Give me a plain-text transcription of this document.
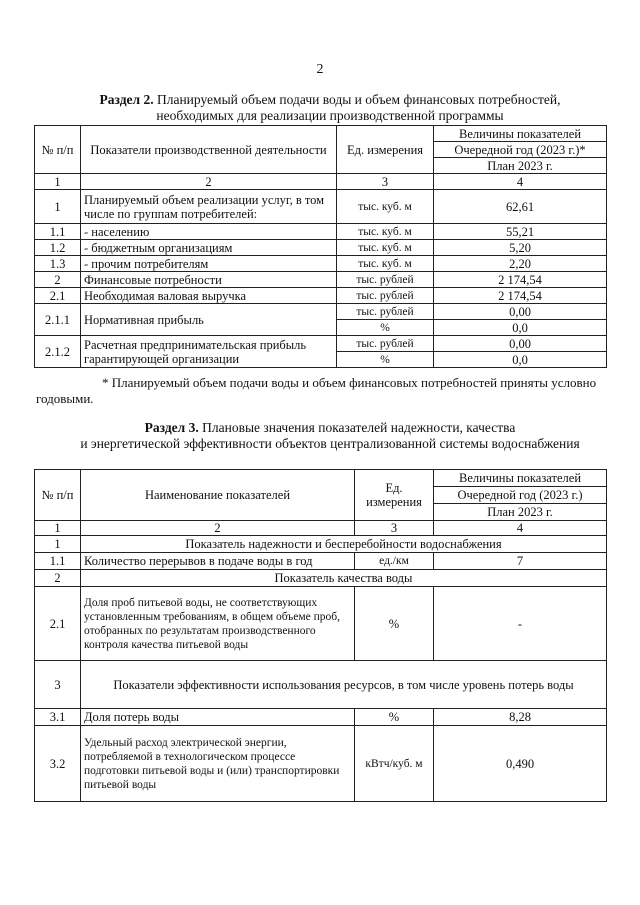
2
Раздел 2. Планируемый объем подачи воды и объем финансовых потребностей,
необходимых для реализации производственной программы
№ п/п	Показатели производственной деятельности	Ед. измерения	Величины показателей
			Очередной год (2023 г.)*
			План 2023 г.
1	2	3	4
1	Планируемый объем реализации услуг, в том числе по группам потребителей:	тыс. куб. м	62,61
1.1	- населению	тыс. куб. м	55,21
1.2	- бюджетным организациям	тыс. куб. м	5,20
1.3	- прочим потребителям	тыс. куб. м	2,20
2	Финансовые потребности	тыс. рублей	2 174,54
2.1	Необходимая валовая выручка	тыс. рублей	2 174,54
2.1.1	Нормативная прибыль	тыс. рублей	0,00
		%	0,0
2.1.2	Расчетная предпринимательская прибыль гарантирующей организации	тыс. рублей	0,00
		%	0,0
* Планируемый объем подачи воды и объем финансовых потребностей приняты условно годовыми.
Раздел 3. Плановые значения показателей надежности, качества
и энергетической эффективности объектов централизованной системы водоснабжения
№ п/п	Наименование показателей	Ед. измерения	Величины показателей
			Очередной год (2023 г.)
			План 2023 г.
1	2	3	4
1	Показатель надежности и бесперебойности водоснабжения		
1.1	Количество перерывов в подаче воды в год	ед./км	7
2	Показатель качества воды		
2.1	Доля проб питьевой воды, не соответствующих установленным требованиям, в общем объеме проб, отобранных по результатам производственного контроля качества питьевой воды	%	-
3	Показатели эффективности использования ресурсов, в том числе уровень потерь воды		
3.1	Доля потерь воды	%	8,28
3.2	Удельный расход электрической энергии, потребляемой в технологическом процессе подготовки питьевой воды и (или) транспортировки питьевой воды	кВтч/куб. м	0,490
